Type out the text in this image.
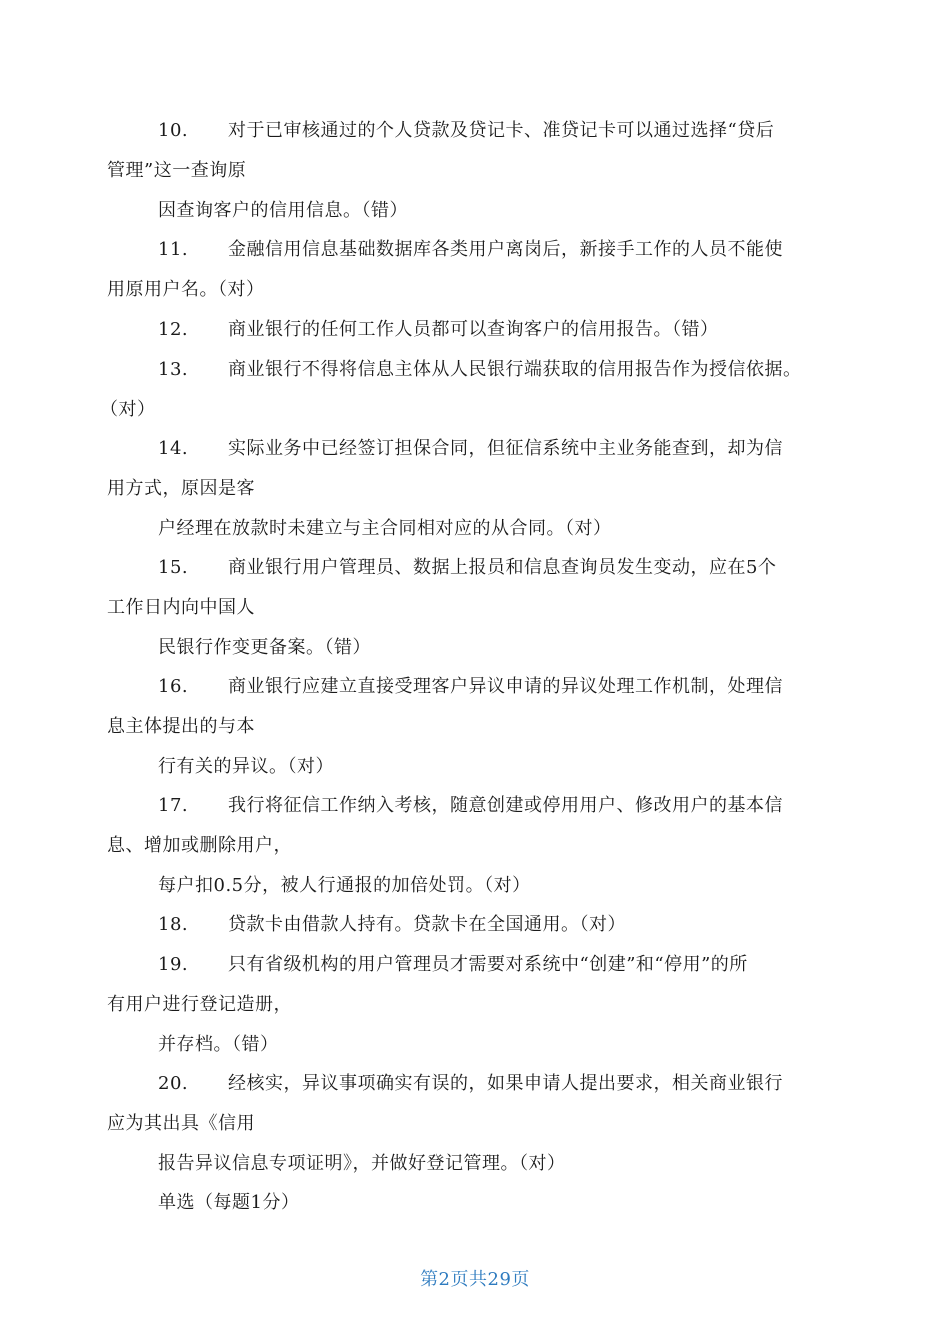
10. 对于已审核通过的个人贷款及贷记卡、准贷记卡可以通过选择“贷后
管理”这一查询原
因查询客户的信用信息。（错）
11. 金融信用信息基础数据库各类用户离岗后，新接手工作的人员不能使
用原用户名。（对）
12. 商业银行的任何工作人员都可以查询客户的信用报告。（错）
13. 商业银行不得将信息主体从人民银行端获取的信用报告作为授信依据。
（对）
14. 实际业务中已经签订担保合同，但征信系统中主业务能查到，却为信
用方式，原因是客
户经理在放款时未建立与主合同相对应的从合同。（对）
15. 商业银行用户管理员、数据上报员和信息查询员发生变动，应在5个
工作日内向中国人
民银行作变更备案。（错）
16. 商业银行应建立直接受理客户异议申请的异议处理工作机制，处理信
息主体提出的与本
行有关的异议。（对）
17. 我行将征信工作纳入考核，随意创建或停用用户、修改用户的基本信
息、增加或删除用户，
每户扣0.5分，被人行通报的加倍处罚。（对）
18. 贷款卡由借款人持有。贷款卡在全国通用。（对）
19. 只有省级机构的用户管理员才需要对系统中“创建”和“停用”的所
有用户进行登记造册，
并存档。（错）
20. 经核实，异议事项确实有误的，如果申请人提出要求，相关商业银行
应为其出具《信用
报告异议信息专项证明》，并做好登记管理。（对）
单选（每题1分）
第2页共29页
